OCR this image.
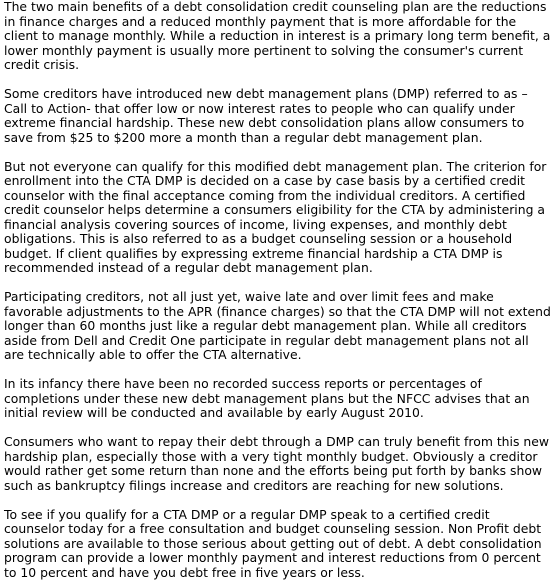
The two main benefits of a debt consolidation credit counseling plan are the reductions in finance charges and a reduced monthly payment that is more affordable for the client to manage monthly. While a reduction in interest is a primary long term benefit, a lower monthly payment is usually more pertinent to solving the consumer's current credit crisis.

Some creditors have introduced new debt management plans (DMP) referred to as – Call to Action- that offer low or now interest rates to people who can qualify under extreme financial hardship. These new debt consolidation plans allow consumers to save from $25 to $200 more a month than a regular debt management plan.

But not everyone can qualify for this modified debt management plan. The criterion for enrollment into the CTA DMP is decided on a case by case basis by a certified credit counselor with the final acceptance coming from the individual creditors. A certified credit counselor helps determine a consumers eligibility for the CTA by administering a financial analysis covering sources of income, living expenses, and monthly debt obligations. This is also referred to as a budget counseling session or a household budget. If client qualifies by expressing extreme financial hardship a CTA DMP is recommended instead of a regular debt management plan.

Participating creditors, not all just yet, waive late and over limit fees and make favorable adjustments to the APR (finance charges) so that the CTA DMP will not extend longer than 60 months just like a regular debt management plan. While all creditors aside from Dell and Credit One participate in regular debt management plans not all are technically able to offer the CTA alternative.

In its infancy there have been no recorded success reports or percentages of completions under these new debt management plans but the NFCC advises that an initial review will be conducted and available by early August 2010.

Consumers who want to repay their debt through a DMP can truly benefit from this new hardship plan, especially those with a very tight monthly budget. Obviously a creditor would rather get some return than none and the efforts being put forth by banks show such as bankruptcy filings increase and creditors are reaching for new solutions.

To see if you qualify for a CTA DMP or a regular DMP speak to a certified credit counselor today for a free consultation and budget counseling session. Non Profit debt solutions are available to those serious about getting out of debt. A debt consolidation program can provide a lower monthly payment and interest reductions from 0 percent to 10 percent and have you debt free in five years or less.
